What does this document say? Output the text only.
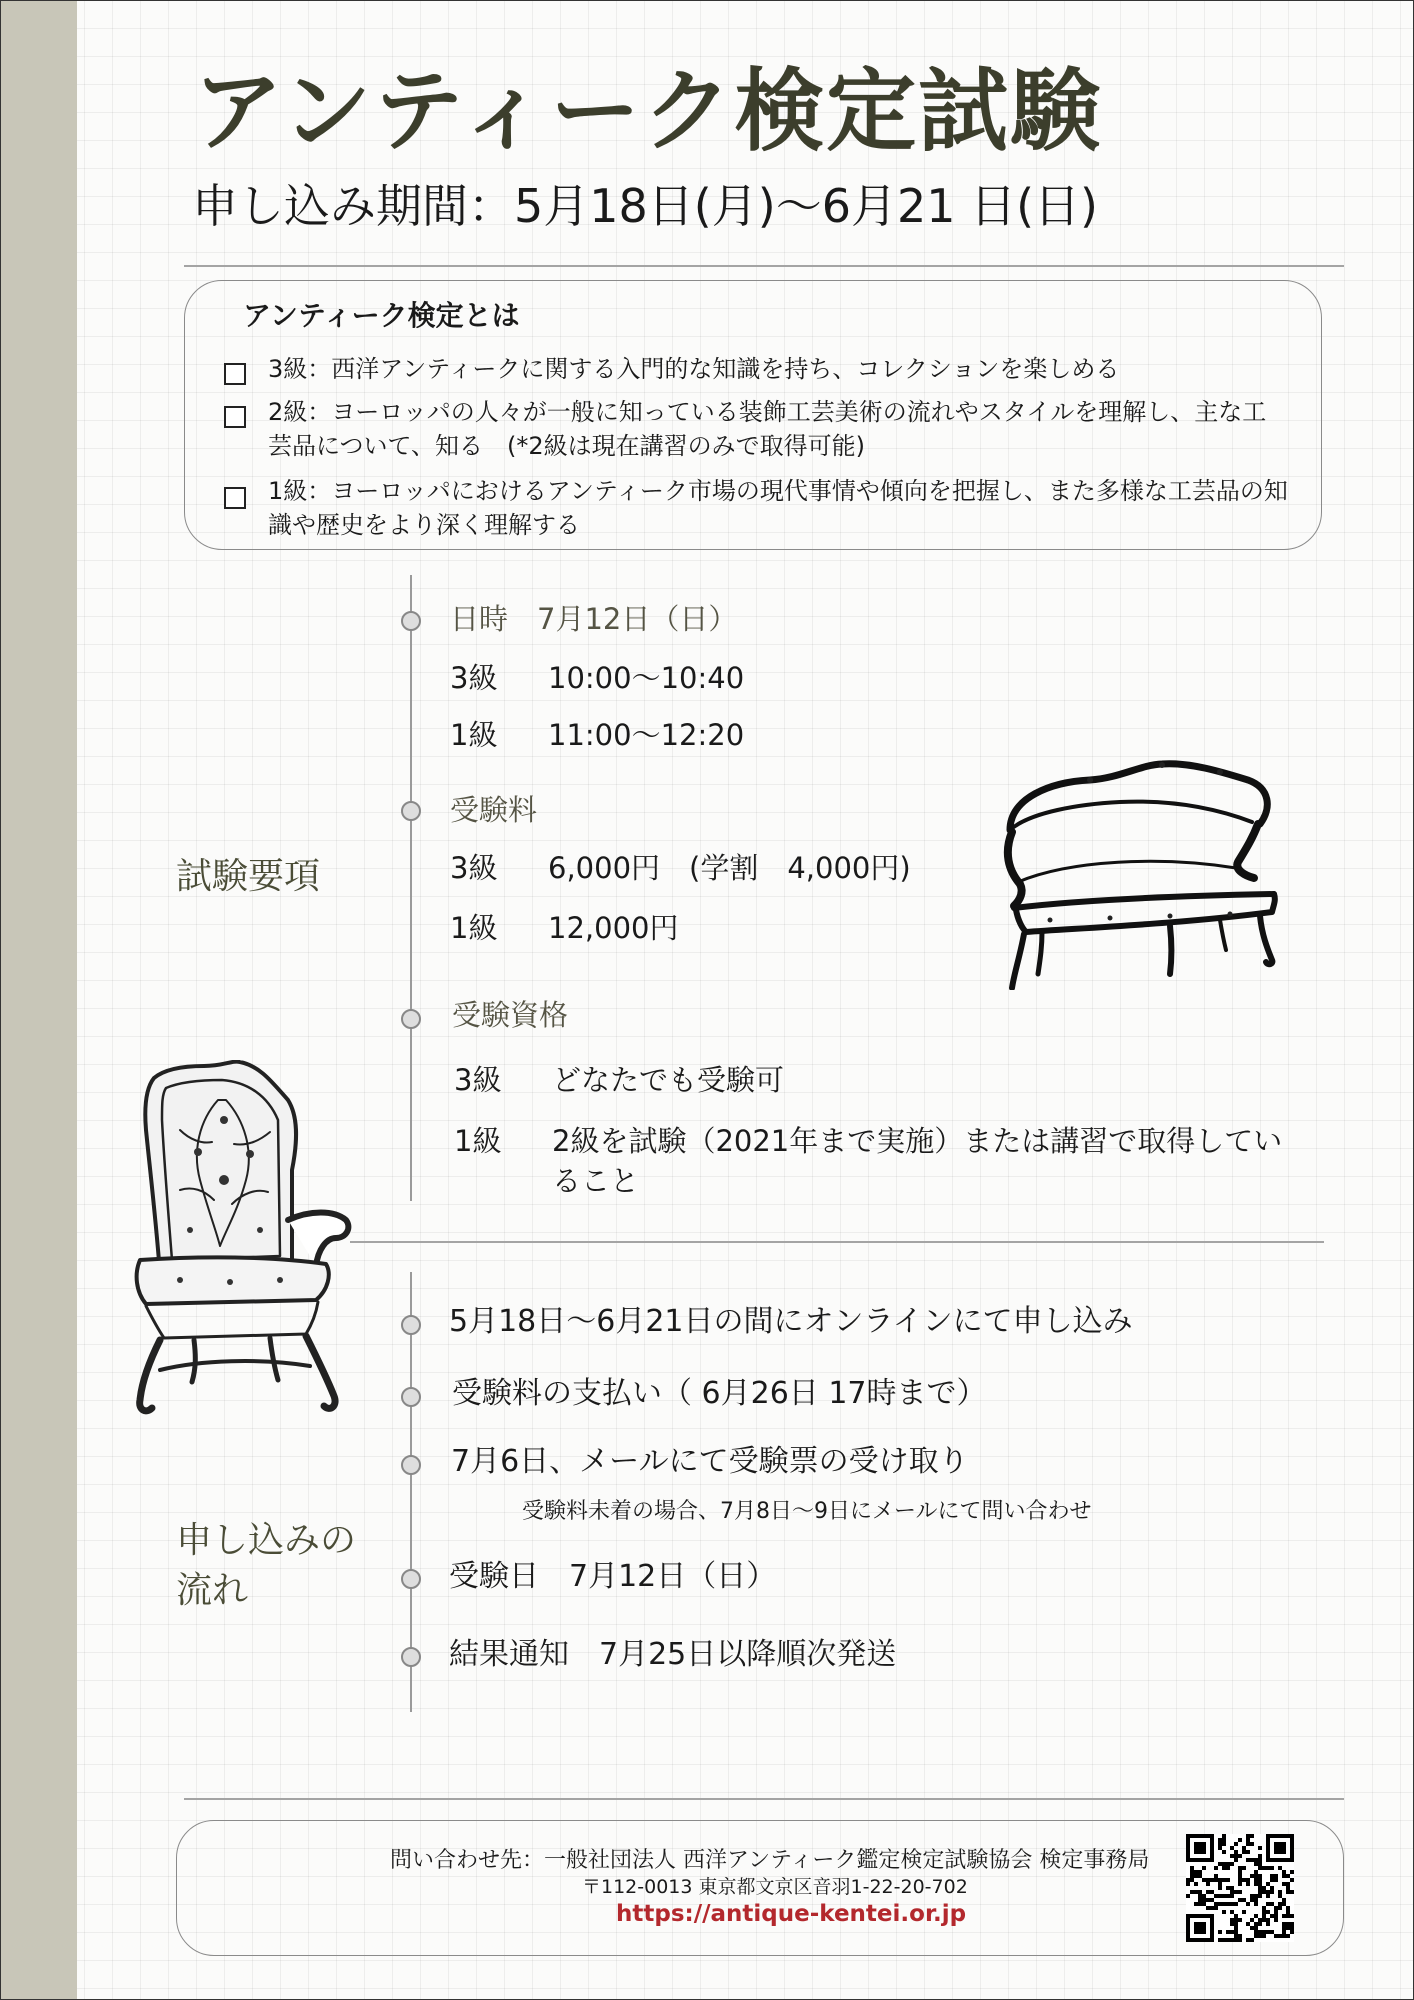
アンティーク検定試験
申し込み期間：5月18日(月)〜6月21 日(日)
アンティーク検定とは
3級：西洋アンティークに関する入門的な知識を持ち、コレクションを楽しめる
2級：ヨーロッパの人々が一般に知っている装飾工芸美術の流れやスタイルを理解し、主な工芸品について、知る　(*2級は現在講習のみで取得可能)
1級：ヨーロッパにおけるアンティーク市場の現代事情や傾向を把握し、また多様な工芸品の知識や歴史をより深く理解する
試験要項
日時　7月12日（日）
3級 10:00〜10:40
1級 11:00〜12:20
受験料
3級 6,000円　(学割　4,000円)
1級 12,000円
受験資格
3級 どなたでも受験可
1級 2級を試験（2021年まで実施）または講習で取得していること
申し込みの流れ
5月18日〜6月21日の間にオンラインにて申し込み
受験料の支払い（ 6月26日 17時まで）
7月6日、メールにて受験票の受け取り
受験料未着の場合、7月8日〜9日にメールにて問い合わせ
受験日　7月12日（日）
結果通知　7月25日以降順次発送
問い合わせ先：一般社団法人 西洋アンティーク鑑定検定試験協会 検定事務局
〒112-0013 東京都文京区音羽1-22-20-702
https://antique-kentei.or.jp
